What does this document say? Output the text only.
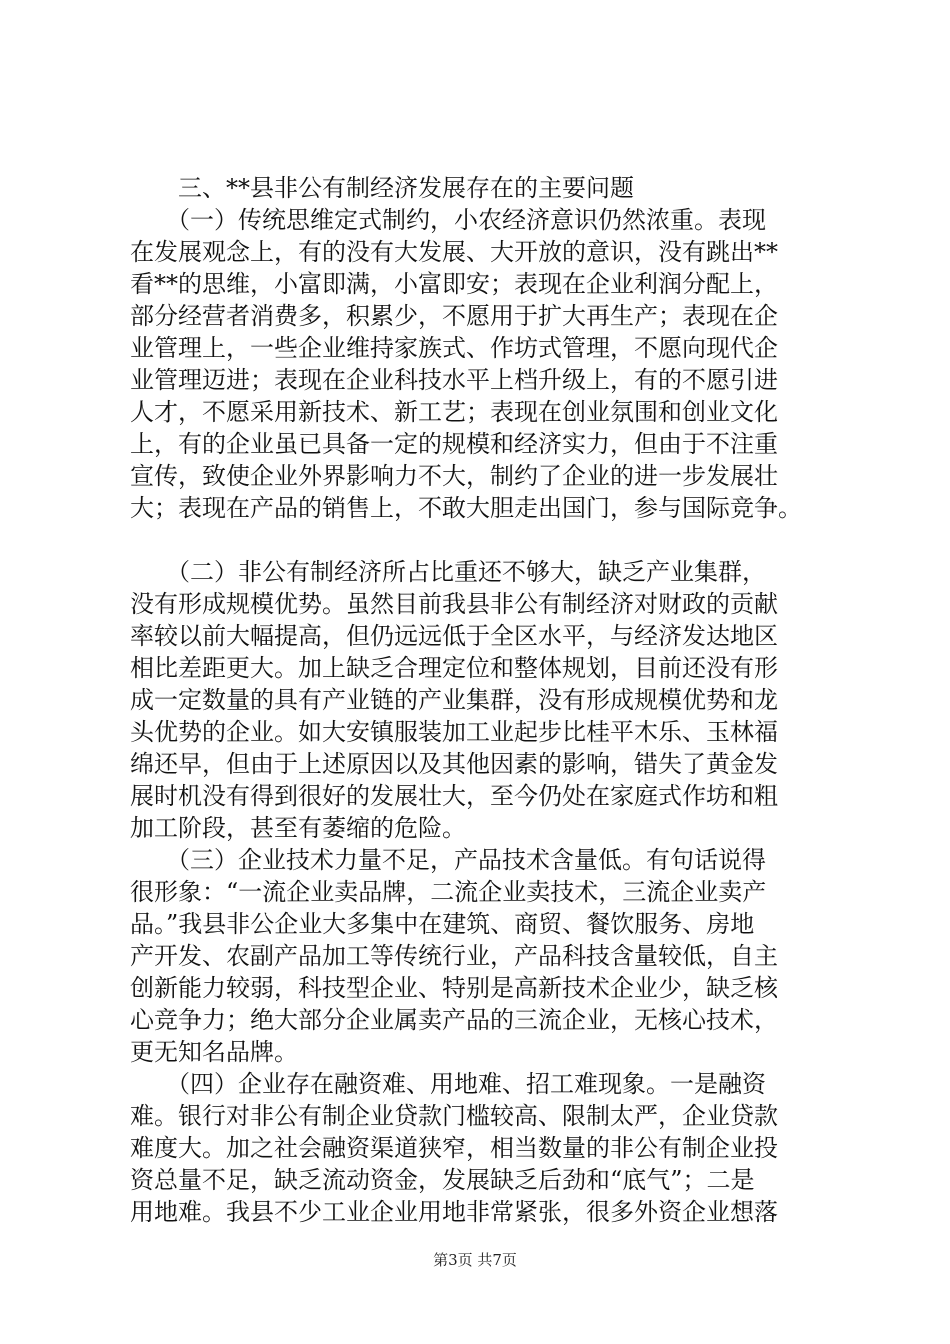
　　三、**县非公有制经济发展存在的主要问题
　　（一）传统思维定式制约，小农经济意识仍然浓重。表现
在发展观念上，有的没有大发展、大开放的意识，没有跳出**
看**的思维，小富即满，小富即安；表现在企业利润分配上，
部分经营者消费多，积累少，不愿用于扩大再生产；表现在企
业管理上，一些企业维持家族式、作坊式管理，不愿向现代企
业管理迈进；表现在企业科技水平上档升级上，有的不愿引进
人才，不愿采用新技术、新工艺；表现在创业氛围和创业文化
上，有的企业虽已具备一定的规模和经济实力，但由于不注重
宣传，致使企业外界影响力不大，制约了企业的进一步发展壮
大；表现在产品的销售上，不敢大胆走出国门，参与国际竞争。
　　（二）非公有制经济所占比重还不够大，缺乏产业集群，
没有形成规模优势。虽然目前我县非公有制经济对财政的贡献
率较以前大幅提高，但仍远远低于全区水平，与经济发达地区
相比差距更大。加上缺乏合理定位和整体规划，目前还没有形
成一定数量的具有产业链的产业集群，没有形成规模优势和龙
头优势的企业。如大安镇服装加工业起步比桂平木乐、玉林福
绵还早，但由于上述原因以及其他因素的影响，错失了黄金发
展时机没有得到很好的发展壮大，至今仍处在家庭式作坊和粗
加工阶段，甚至有萎缩的危险。
　　（三）企业技术力量不足，产品技术含量低。有句话说得
很形象：“一流企业卖品牌，二流企业卖技术，三流企业卖产
品。”我县非公企业大多集中在建筑、商贸、餐饮服务、房地
产开发、农副产品加工等传统行业，产品科技含量较低，自主
创新能力较弱，科技型企业、特别是高新技术企业少，缺乏核
心竞争力；绝大部分企业属卖产品的三流企业，无核心技术，
更无知名品牌。
　　（四）企业存在融资难、用地难、招工难现象。一是融资
难。银行对非公有制企业贷款门槛较高、限制太严，企业贷款
难度大。加之社会融资渠道狭窄，相当数量的非公有制企业投
资总量不足，缺乏流动资金，发展缺乏后劲和“底气”；二是
用地难。我县不少工业企业用地非常紧张，很多外资企业想落
第3页 共7页
